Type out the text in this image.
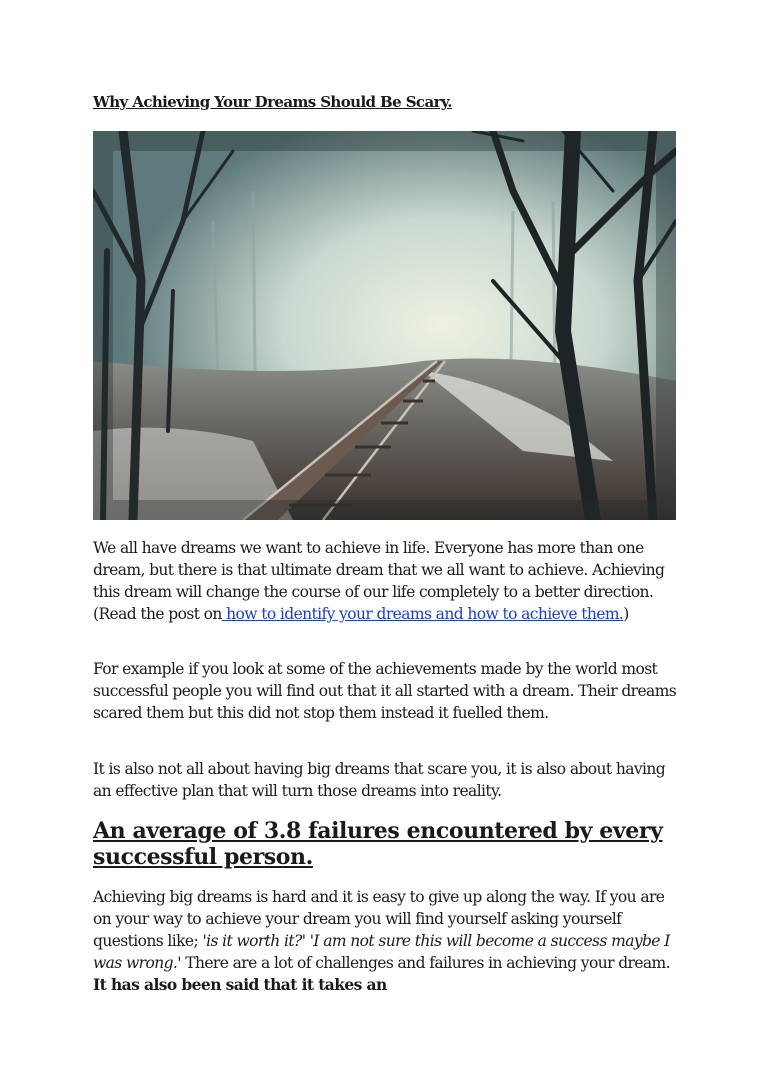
Why Achieving Your Dreams Should Be Scary.

We all have dreams we want to achieve in life. Everyone has more than one dream, but there is that ultimate dream that we all want to achieve. Achieving this dream will change the course of our life completely to a better direction. (Read the post on how to identify your dreams and how to achieve them.)

For example if you look at some of the achievements made by the world most successful people you will find out that it all started with a dream. Their dreams scared them but this did not stop them instead it fuelled them.

It is also not all about having big dreams that scare you, it is also about having an effective plan that will turn those dreams into reality.

An average of 3.8 failures encountered by every successful person.

Achieving big dreams is hard and it is easy to give up along the way. If you are on your way to achieve your dream you will find yourself asking yourself questions like; 'is it worth it?' 'I am not sure this will become a success maybe I was wrong.' There are a lot of challenges and failures in achieving your dream. It has also been said that it takes an
